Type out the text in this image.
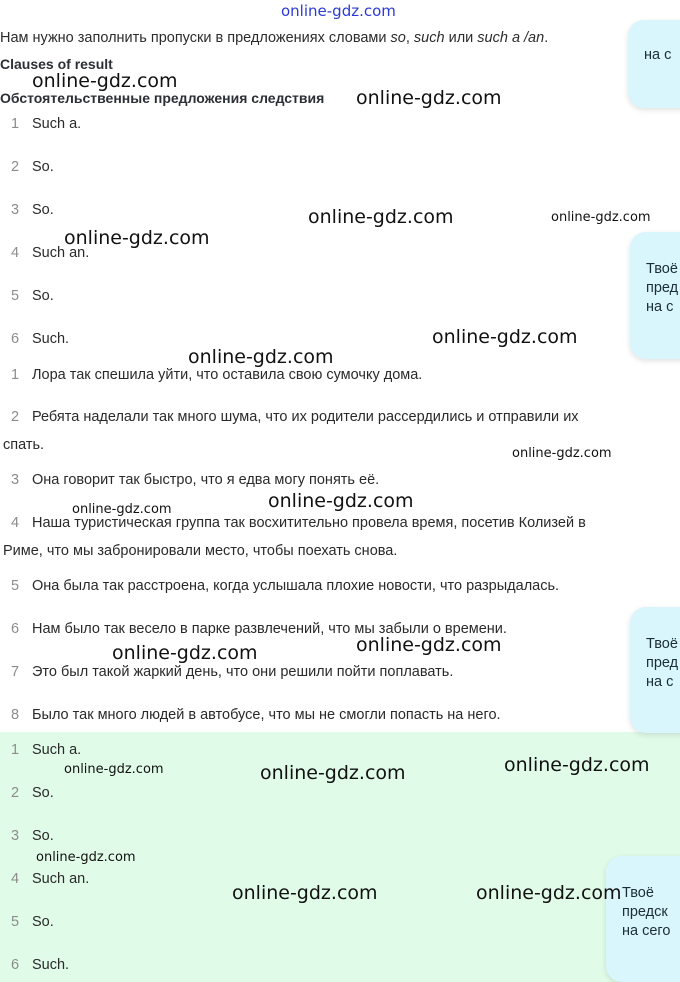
online-gdz.com
Нам нужно заполнить пропуски в предложениях словами so, such или such a /an.
Clauses of result
Обстоятельственные предложения следствия
1 Such a.
2 So.
3 So.
4 Such an.
5 So.
6 Such.
1 Лора так спешила уйти, что оставила свою сумочку дома.
2 Ребята наделали так много шума, что их родители рассердились и отправили их
спать.
3 Она говорит так быстро, что я едва могу понять её.
4 Наша туристическая группа так восхитительно провела время, посетив Колизей в
Риме, что мы забронировали место, чтобы поехать снова.
5 Она была так расстроена, когда услышала плохие новости, что разрыдалась.
6 Нам было так весело в парке развлечений, что мы забыли о времени.
7 Это был такой жаркий день, что они решили пойти поплавать.
8 Было так много людей в автобусе, что мы не смогли попасть на него.
1 Such a.
2 So.
3 So.
4 Such an.
5 So.
6 Such.
на с
Твоё
пред
на с
Твоё
пред
на с
Твоё
предск
на сего
online-gdz.com
online-gdz.com
online-gdz.com	online-gdz.com
online-gdz.com
online-gdz.com
online-gdz.com
online-gdz.com
online-gdz.com
online-gdz.com
online-gdz.com
online-gdz.com
online-gdz.com
online-gdz.com	online-gdz.com
online-gdz.com
online-gdz.com	online-gdz.com
